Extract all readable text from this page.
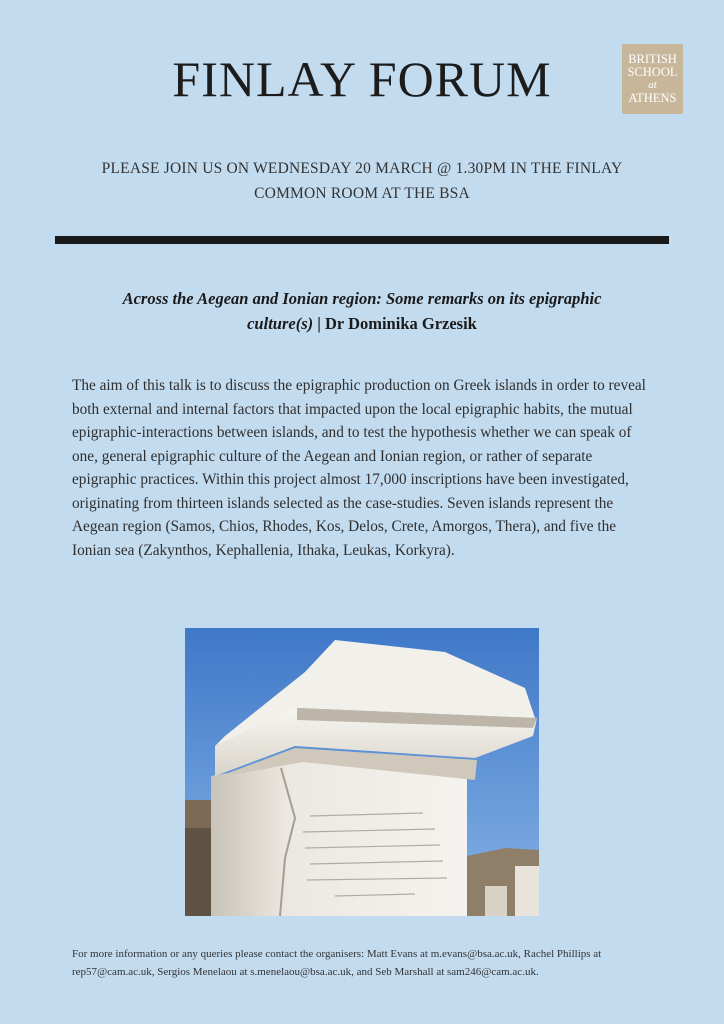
FINLAY FORUM	BRITISH
SCHOOL
at
ATHENS
PLEASE JOIN US ON WEDNESDAY 20 MARCH @ 1.30PM IN THE FINLAY
COMMON ROOM AT THE BSA
Across the Aegean and Ionian region: Some remarks on its epigraphic
culture(s) | Dr Dominika Grzesik

The aim of this talk is to discuss the epigraphic production on Greek islands in order to reveal both external and internal factors that impacted upon the local epigraphic habits, the mutual epigraphic-interactions between islands, and to test the hypothesis whether we can speak of one, general epigraphic culture of the Aegean and Ionian region, or rather of separate epigraphic practices. Within this project almost 17,000 inscriptions have been investigated, originating from thirteen islands selected as the case-studies. Seven islands represent the Aegean region (Samos, Chios, Rhodes, Kos, Delos, Crete, Amorgos, Thera), and five the Ionian sea (Zakynthos, Kephallenia, Ithaka, Leukas, Korkyra).

For more information or any queries please contact the organisers: Matt Evans at m.evans@bsa.ac.uk, Rachel Phillips at rep57@cam.ac.uk, Sergios Menelaou at s.menelaou@bsa.ac.uk, and Seb Marshall at sam246@cam.ac.uk.
